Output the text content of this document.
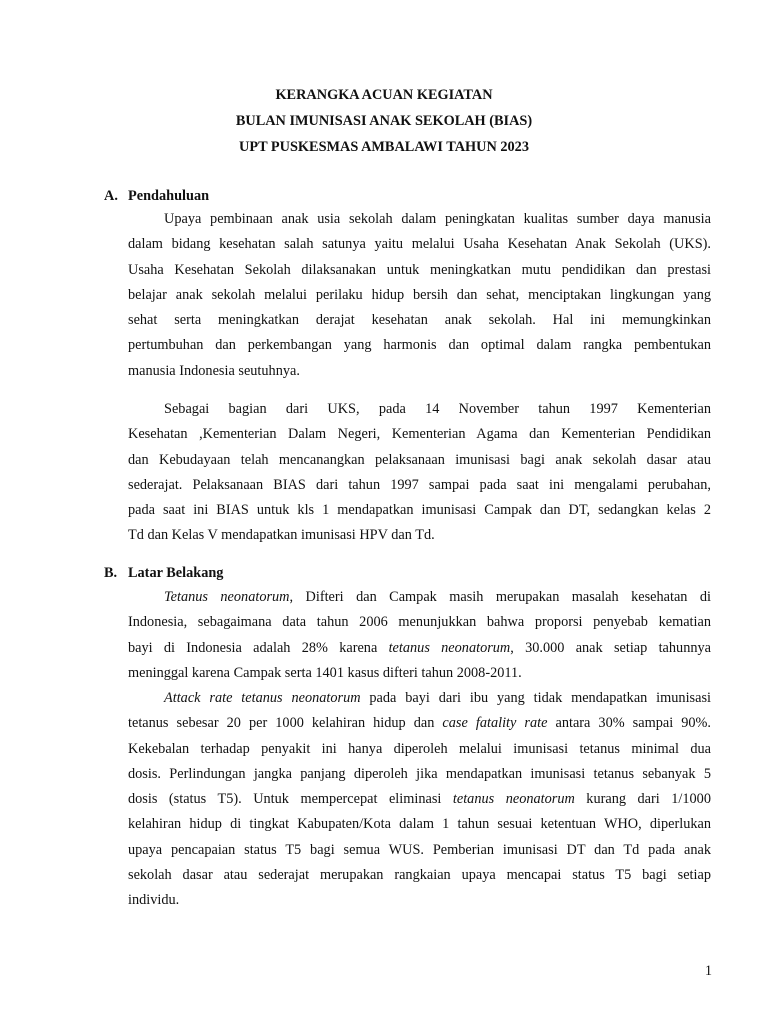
KERANGKA ACUAN KEGIATAN
BULAN IMUNISASI ANAK SEKOLAH (BIAS)
UPT PUSKESMAS AMBALAWI TAHUN 2023
A. Pendahuluan
Upaya pembinaan anak usia sekolah dalam peningkatan kualitas sumber daya manusia
dalam bidang kesehatan salah satunya yaitu melalui Usaha Kesehatan Anak Sekolah (UKS).
Usaha Kesehatan Sekolah dilaksanakan untuk meningkatkan mutu pendidikan dan prestasi
belajar anak sekolah melalui perilaku hidup bersih dan sehat, menciptakan lingkungan yang
sehat serta meningkatkan derajat kesehatan anak sekolah. Hal ini memungkinkan
pertumbuhan dan perkembangan yang harmonis dan optimal dalam rangka pembentukan
manusia Indonesia seutuhnya.
Sebagai bagian dari UKS, pada 14 November tahun 1997 Kementerian
Kesehatan ,Kementerian Dalam Negeri, Kementerian Agama dan Kementerian Pendidikan
dan Kebudayaan telah mencanangkan pelaksanaan imunisasi bagi anak sekolah dasar atau
sederajat. Pelaksanaan BIAS dari tahun 1997 sampai pada saat ini mengalami perubahan,
pada saat ini BIAS untuk kls 1 mendapatkan imunisasi Campak dan DT, sedangkan kelas 2
Td dan Kelas V mendapatkan imunisasi HPV dan Td.
B. Latar Belakang
Tetanus neonatorum, Difteri dan Campak masih merupakan masalah kesehatan di
Indonesia, sebagaimana data tahun 2006 menunjukkan bahwa proporsi penyebab kematian
bayi di Indonesia adalah 28% karena tetanus neonatorum, 30.000 anak setiap tahunnya
meninggal karena Campak serta 1401 kasus difteri tahun 2008-2011.
Attack rate tetanus neonatorum pada bayi dari ibu yang tidak mendapatkan imunisasi
tetanus sebesar 20 per 1000 kelahiran hidup dan case fatality rate antara 30% sampai 90%.
Kekebalan terhadap penyakit ini hanya diperoleh melalui imunisasi tetanus minimal dua
dosis. Perlindungan jangka panjang diperoleh jika mendapatkan imunisasi tetanus sebanyak 5
dosis (status T5). Untuk mempercepat eliminasi tetanus neonatorum kurang dari 1/1000
kelahiran hidup di tingkat Kabupaten/Kota dalam 1 tahun sesuai ketentuan WHO, diperlukan
upaya pencapaian status T5 bagi semua WUS. Pemberian imunisasi DT dan Td pada anak
sekolah dasar atau sederajat merupakan rangkaian upaya mencapai status T5 bagi setiap
individu.
1
